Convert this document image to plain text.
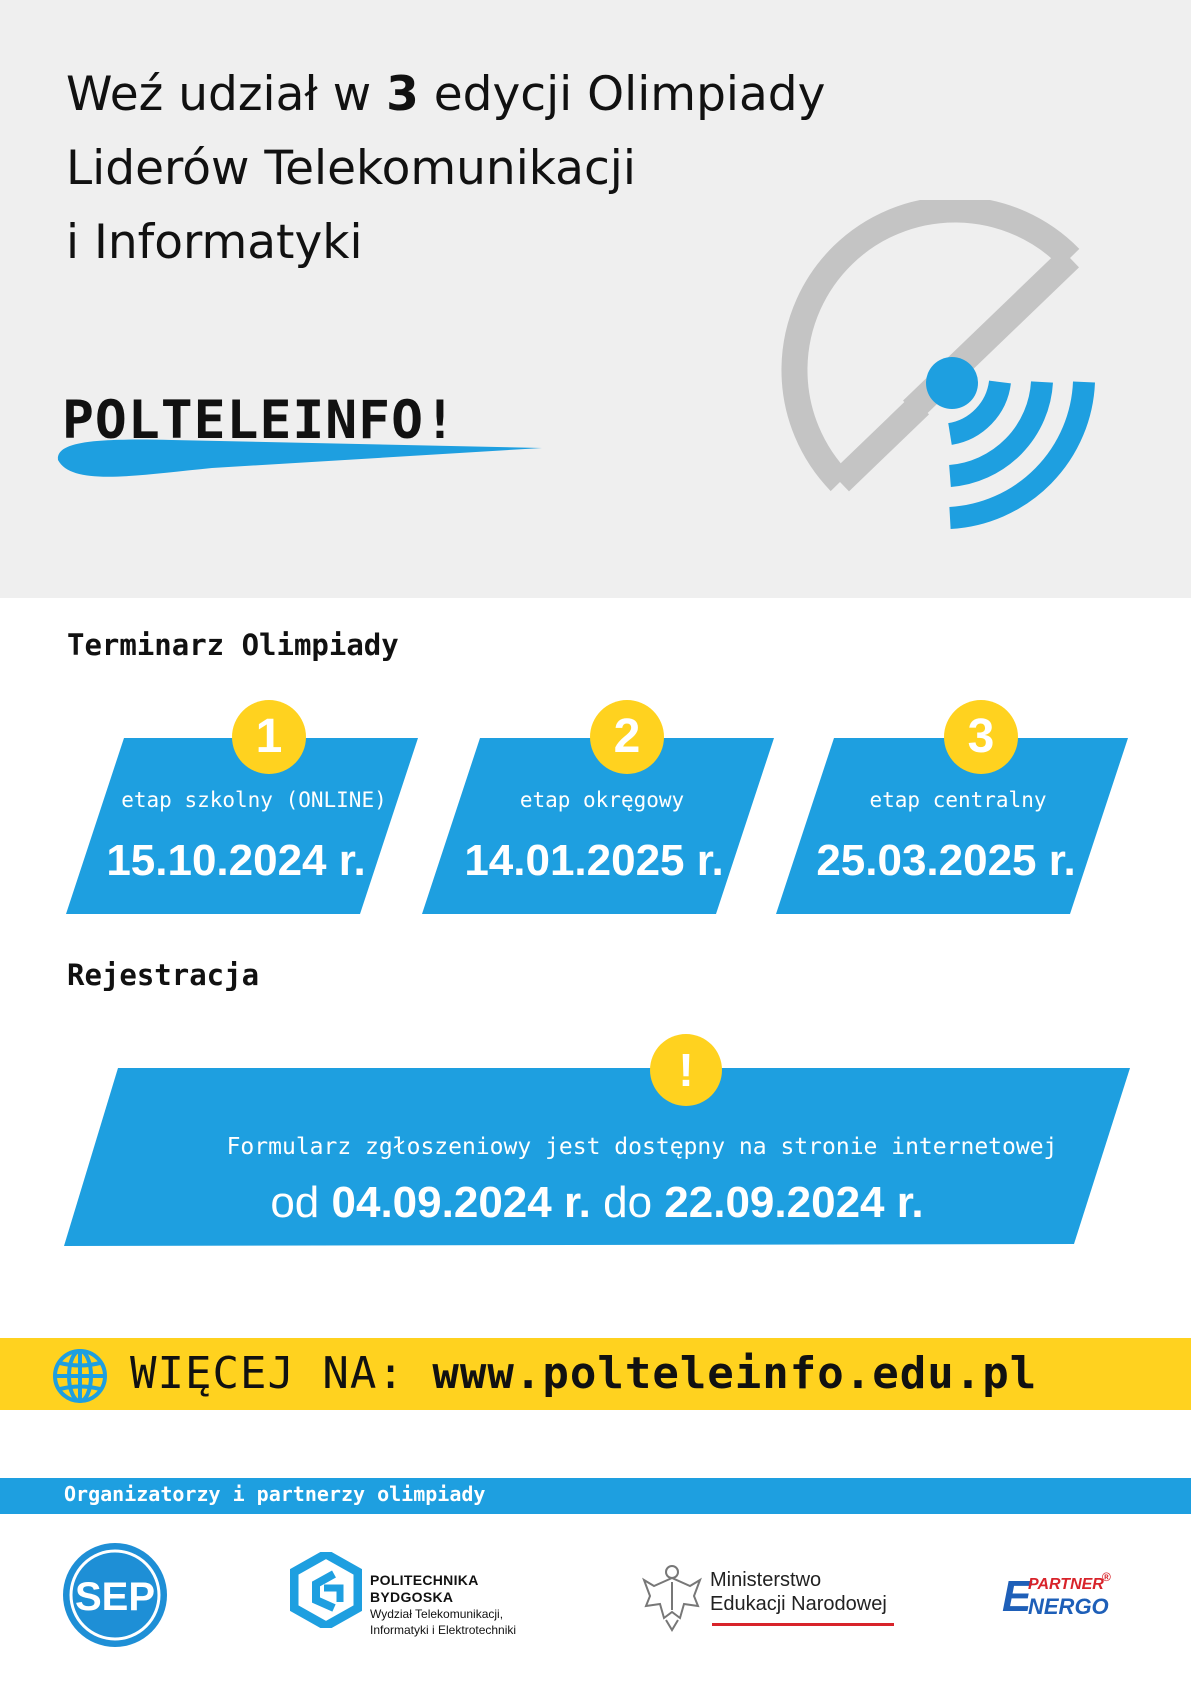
Weź udział w 3 edycji Olimpiady
Liderów Telekomunikacji
i Informatyki
POLTELEINFO!
Terminarz Olimpiady
1
etap szkolny (ONLINE)
15.10.2024 r.
2
etap okręgowy
14.01.2025 r.
3
etap centralny
25.03.2025 r.
Rejestracja
!
Formularz zgłoszeniowy jest dostępny na stronie internetowej
od 04.09.2024 r. do 22.09.2024 r.
WIĘCEJ NA: www.polteleinfo.edu.pl
Organizatorzy i partnerzy olimpiady
SEP	POLITECHNIKA
BYDGOSKA
Wydział Telekomunikacji,
Informatyki i Elektrotechniki
Ministerstwo
Edukacji Narodowej	E
PARTNER
®
NERGO
